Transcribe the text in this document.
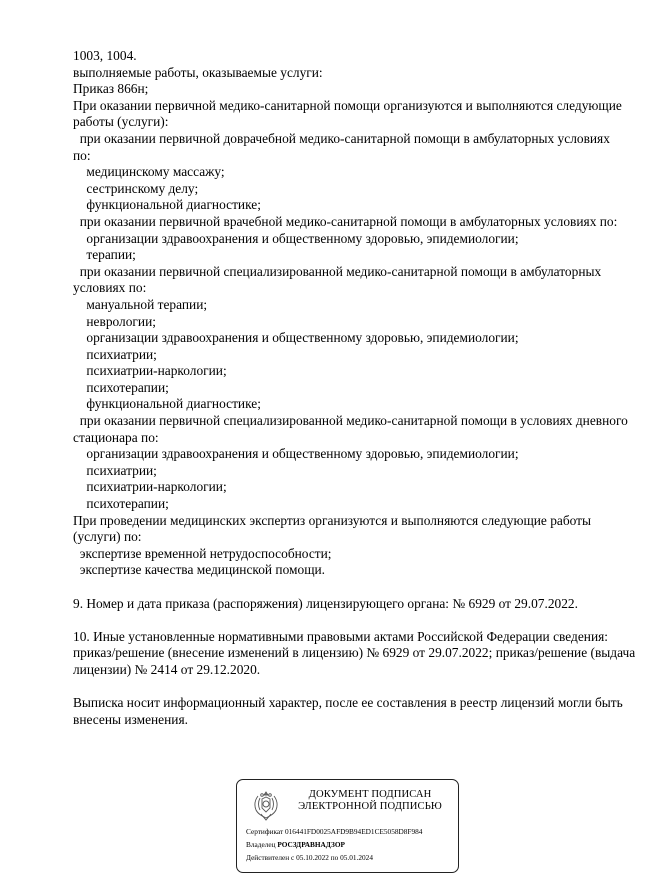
1003, 1004.
выполняемые работы, оказываемые услуги:
Приказ 866н;
При оказании первичной медико-санитарной помощи организуются и выполняются следующие
работы (услуги):
при оказании первичной доврачебной медико-санитарной помощи в амбулаторных условиях
по:
медицинскому массажу;
сестринскому делу;
функциональной диагностике;
при оказании первичной врачебной медико-санитарной помощи в амбулаторных условиях по:
организации здравоохранения и общественному здоровью, эпидемиологии;
терапии;
при оказании первичной специализированной медико-санитарной помощи в амбулаторных
условиях по:
мануальной терапии;
неврологии;
организации здравоохранения и общественному здоровью, эпидемиологии;
психиатрии;
психиатрии-наркологии;
психотерапии;
функциональной диагностике;
при оказании первичной специализированной медико-санитарной помощи в условиях дневного
стационара по:
организации здравоохранения и общественному здоровью, эпидемиологии;
психиатрии;
психиатрии-наркологии;
психотерапии;
При проведении медицинских экспертиз организуются и выполняются следующие работы
(услуги) по:
экспертизе временной нетрудоспособности;
экспертизе качества медицинской помощи.
9. Номер и дата приказа (распоряжения) лицензирующего органа: № 6929 от 29.07.2022.
10. Иные установленные нормативными правовыми актами Российской Федерации сведения:
приказ/решение (внесение изменений в лицензию) № 6929 от 29.07.2022; приказ/решение (выдача
лицензии) № 2414 от 29.12.2020.
Выписка носит информационный характер, после ее составления в реестр лицензий могли быть
внесены изменения.
ДОКУМЕНТ ПОДПИСАН
ЭЛЕКТРОННОЙ ПОДПИСЬЮ
Сертификат 016441FD0025AFD9B94ED1CE5058D8F984
Владелец РОСЗДРАВНАДЗОР
Действителен с 05.10.2022 по 05.01.2024
